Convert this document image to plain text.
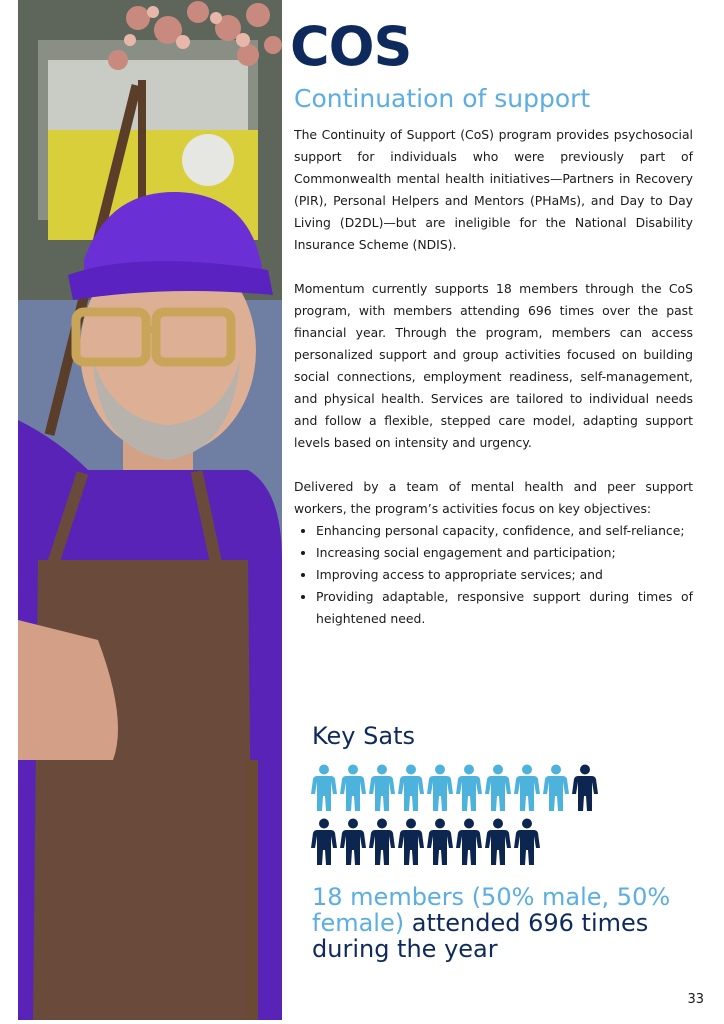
COS
Continuation of support

The Continuity of Support (CoS) program provides psychosocial support for individuals who were previously part of Commonwealth mental health initiatives—Partners in Recovery (PIR), Personal Helpers and Mentors (PHaMs), and Day to Day Living (D2DL)—but are ineligible for the National Disability Insurance Scheme (NDIS).

Momentum currently supports 18 members through the CoS program, with members attending 696 times over the past financial year. Through the program, members can access personalized support and group activities focused on building social connections, employment readiness, self-management, and physical health. Services are tailored to individual needs and follow a flexible, stepped care model, adapting support levels based on intensity and urgency.

Delivered by a team of mental health and peer support workers, the program’s activities focus on key objectives:

• Enhancing personal capacity, confidence, and self-reliance;
• Increasing social engagement and participation;
• Improving access to appropriate services; and
• Providing adaptable, responsive support during times of heightened need.
Key Sats

18 members (50% male, 50% female) attended 696 times during the year

33
